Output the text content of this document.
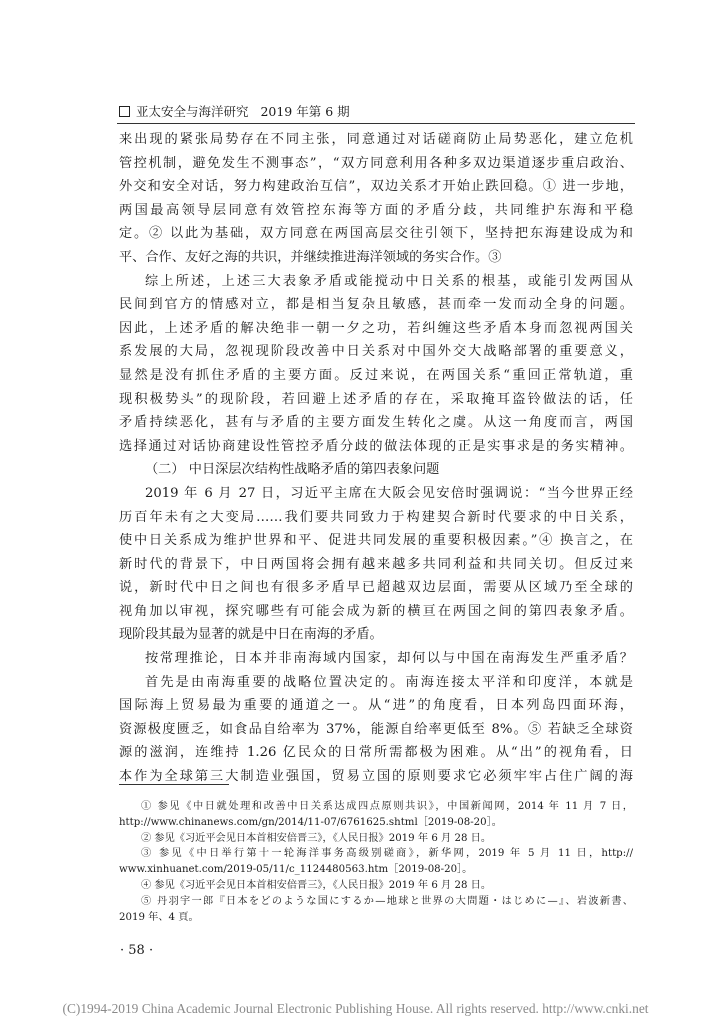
亚太安全与海洋研究 2019 年第 6 期
来出现的紧张局势存在不同主张，同意通过对话磋商防止局势恶化，建立危机
管控机制，避免发生不测事态”，“双方同意利用各种多双边渠道逐步重启政治、
外交和安全对话，努力构建政治互信”，双边关系才开始止跌回稳。① 进一步地，
两国最高领导层同意有效管控东海等方面的矛盾分歧，共同维护东海和平稳
定。② 以此为基础，双方同意在两国高层交往引领下，坚持把东海建设成为和
平、合作、友好之海的共识，并继续推进海洋领域的务实合作。③
综上所述，上述三大表象矛盾或能搅动中日关系的根基，或能引发两国从
民间到官方的情感对立，都是相当复杂且敏感，甚而牵一发而动全身的问题。
因此，上述矛盾的解决绝非一朝一夕之功，若纠缠这些矛盾本身而忽视两国关
系发展的大局，忽视现阶段改善中日关系对中国外交大战略部署的重要意义，
显然是没有抓住矛盾的主要方面。反过来说，在两国关系“重回正常轨道，重
现积极势头”的现阶段，若回避上述矛盾的存在，采取掩耳盗铃做法的话，任
矛盾持续恶化，甚有与矛盾的主要方面发生转化之虞。从这一角度而言，两国
选择通过对话协商建设性管控矛盾分歧的做法体现的正是实事求是的务实精神。
（二） 中日深层次结构性战略矛盾的第四表象问题
2019 年 6 月 27 日，习近平主席在大阪会见安倍时强调说：“当今世界正经
历百年未有之大变局……我们要共同致力于构建契合新时代要求的中日关系，
使中日关系成为维护世界和平、促进共同发展的重要积极因素。”④ 换言之，在
新时代的背景下，中日两国将会拥有越来越多共同利益和共同关切。但反过来
说，新时代中日之间也有很多矛盾早已超越双边层面，需要从区域乃至全球的
视角加以审视，探究哪些有可能会成为新的横亘在两国之间的第四表象矛盾。
现阶段其最为显著的就是中日在南海的矛盾。
按常理推论，日本并非南海域内国家，却何以与中国在南海发生严重矛盾？
首先是由南海重要的战略位置决定的。南海连接太平洋和印度洋，本就是
国际海上贸易最为重要的通道之一。从“进”的角度看，日本列岛四面环海，
资源极度匮乏，如食品自给率为 37%，能源自给率更低至 8%。⑤ 若缺乏全球资
源的滋润，连维持 1.26 亿民众的日常所需都极为困难。从“出”的视角看，日
本作为全球第三大制造业强国，贸易立国的原则要求它必须牢牢占住广阔的海
① 参见《中日就处理和改善中日关系达成四点原则共识》，中国新闻网，2014 年 11 月 7 日，
http://www.chinanews.com/gn/2014/11-07/6761625.shtml［2019-08-20］。
② 参见《习近平会见日本首相安倍晋三》，《人民日报》2019 年 6 月 28 日。
③ 参见《中日举行第十一轮海洋事务高级别磋商》，新华网，2019 年 5 月 11 日，http://
www.xinhuanet.com/2019-05/11/c_1124480563.htm［2019-08-20］。
④ 参见《习近平会见日本首相安倍晋三》，《人民日报》2019 年 6 月 28 日。
⑤ 丹羽宇一郎『日本をどのような国にするか—地球と世界の大問題・はじめに—』、岩波新書、
2019 年、4 頁。
· 58 ·
(C)1994-2019 China Academic Journal Electronic Publishing House. All rights reserved. http://www.cnki.net
